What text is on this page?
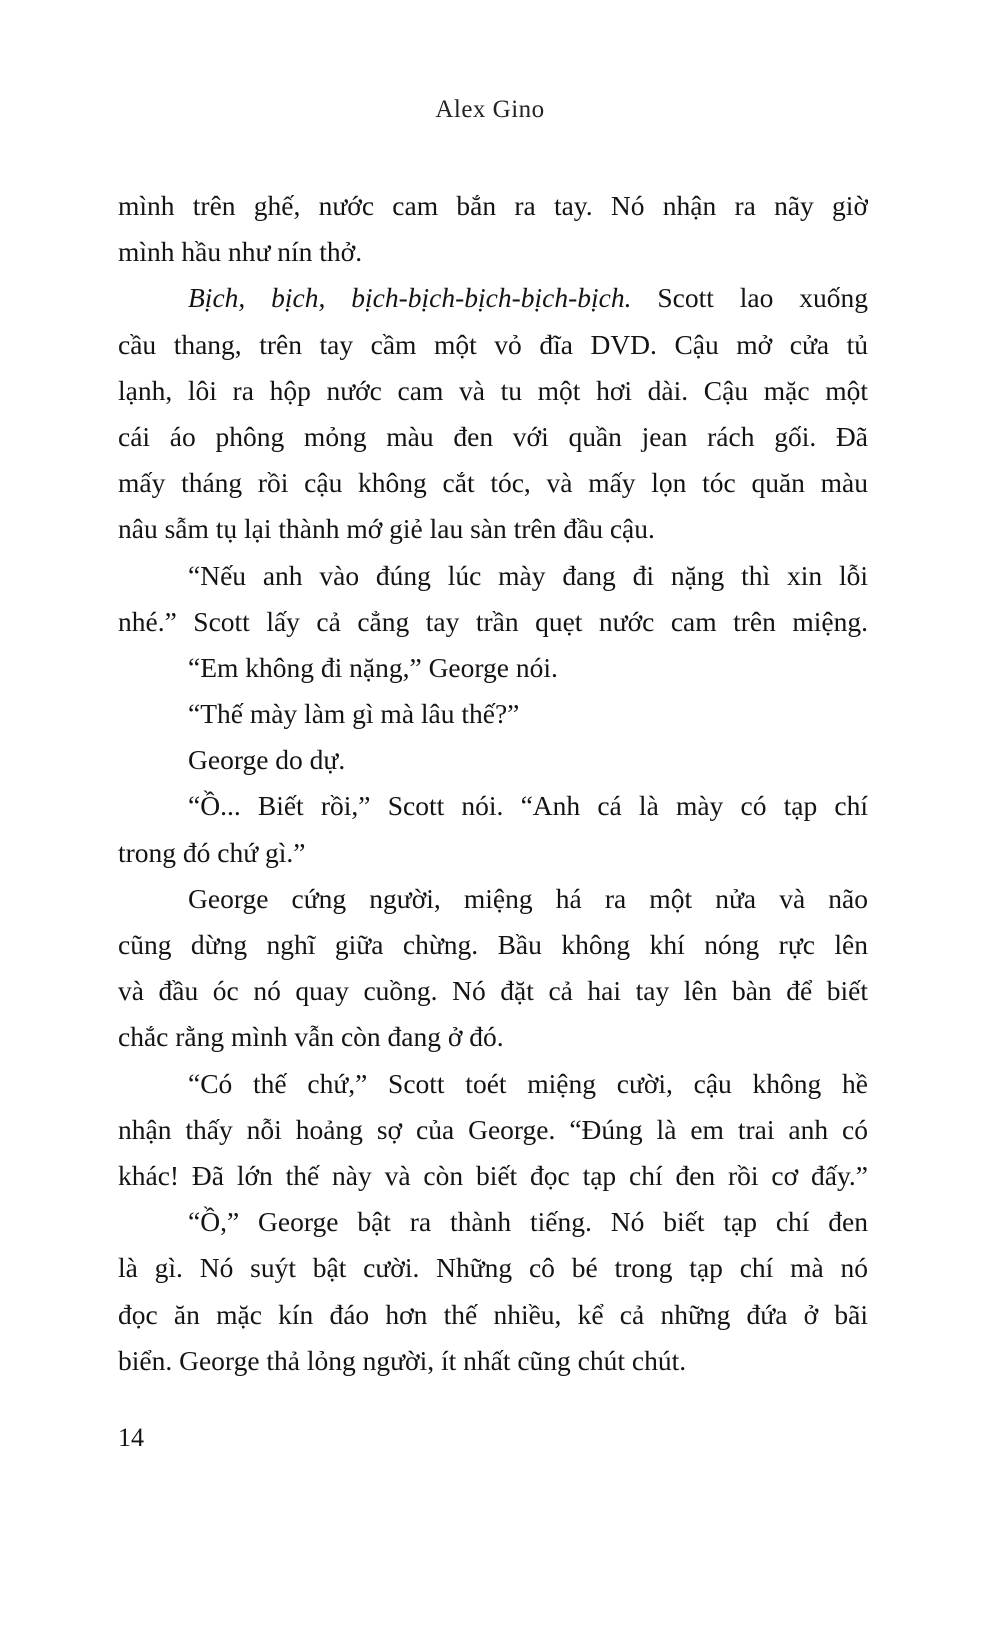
Alex Gino
mình trên ghế, nước cam bắn ra tay. Nó nhận ra nãy giờ
mình hầu như nín thở.
Bịch, bịch, bịch-bịch-bịch-bịch-bịch. Scott lao xuống
cầu thang, trên tay cầm một vỏ đĩa DVD. Cậu mở cửa tủ
lạnh, lôi ra hộp nước cam và tu một hơi dài. Cậu mặc một
cái áo phông mỏng màu đen với quần jean rách gối. Đã
mấy tháng rồi cậu không cắt tóc, và mấy lọn tóc quăn màu
nâu sẫm tụ lại thành mớ giẻ lau sàn trên đầu cậu.
“Nếu anh vào đúng lúc mày đang đi nặng thì xin lỗi
nhé.” Scott lấy cả cẳng tay trần quẹt nước cam trên miệng.
“Em không đi nặng,” George nói.
“Thế mày làm gì mà lâu thế?”
George do dự.
“Ồ... Biết rồi,” Scott nói. “Anh cá là mày có tạp chí
trong đó chứ gì.”
George cứng người, miệng há ra một nửa và não
cũng dừng nghĩ giữa chừng. Bầu không khí nóng rực lên
và đầu óc nó quay cuồng. Nó đặt cả hai tay lên bàn để biết
chắc rằng mình vẫn còn đang ở đó.
“Có thế chứ,” Scott toét miệng cười, cậu không hề
nhận thấy nỗi hoảng sợ của George. “Đúng là em trai anh có
khác! Đã lớn thế này và còn biết đọc tạp chí đen rồi cơ đấy.”
“Ồ,” George bật ra thành tiếng. Nó biết tạp chí đen
là gì. Nó suýt bật cười. Những cô bé trong tạp chí mà nó
đọc ăn mặc kín đáo hơn thế nhiều, kể cả những đứa ở bãi
biển. George thả lỏng người, ít nhất cũng chút chút.
14
